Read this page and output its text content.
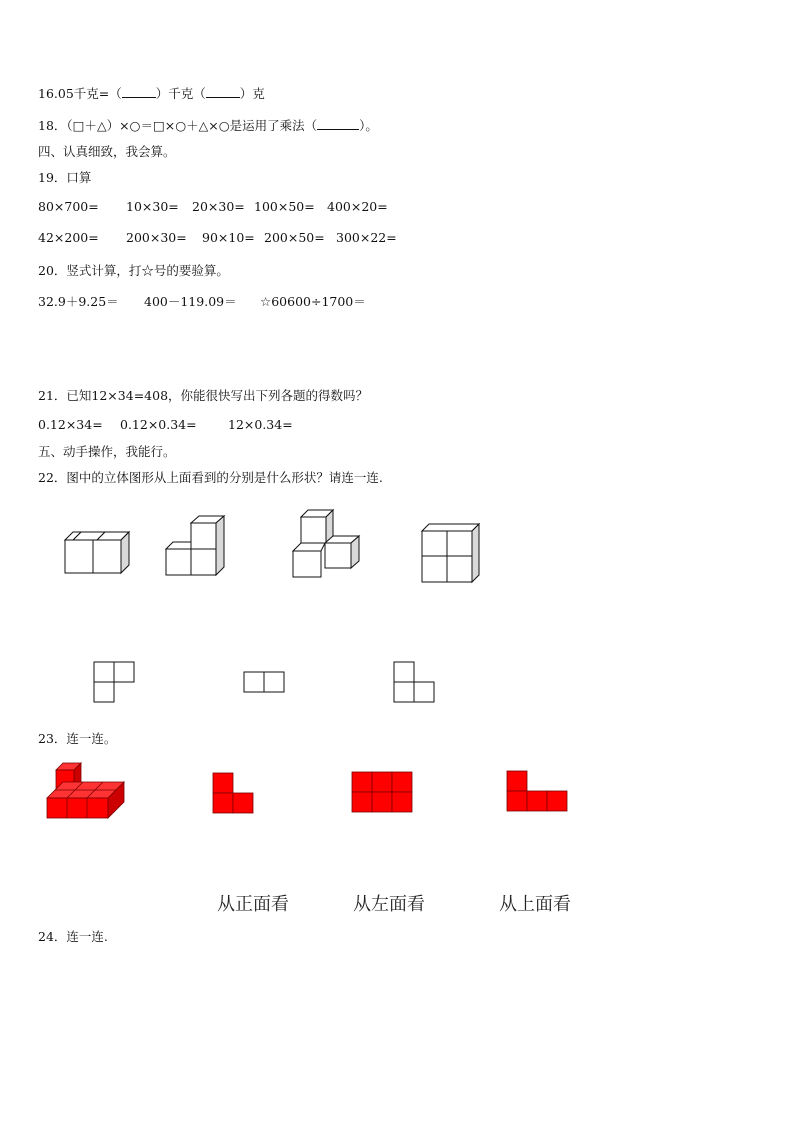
16.05千克=（	）千克（	）克
18．（□＋△）×○＝□×○＋△×○是运用了乘法（	）。
四、认真细致，我会算。
19．口算
80×700= 10×30= 20×30= 100×50= 400×20=
42×200= 200×30= 90×10= 200×50= 300×22=
20．竖式计算，打☆号的要验算。
32.9＋9.25＝ 400－119.09＝ ☆60600÷1700＝
21．已知12×34=408，你能很快写出下列各题的得数吗？
0.12×34= 0.12×0.34=	12×0.34=
五、动手操作，我能行。
22．图中的立体图形从上面看到的分别是什么形状？请连一连.
23．连一连。
从正面看	从左面看	从上面看
24．连一连.
